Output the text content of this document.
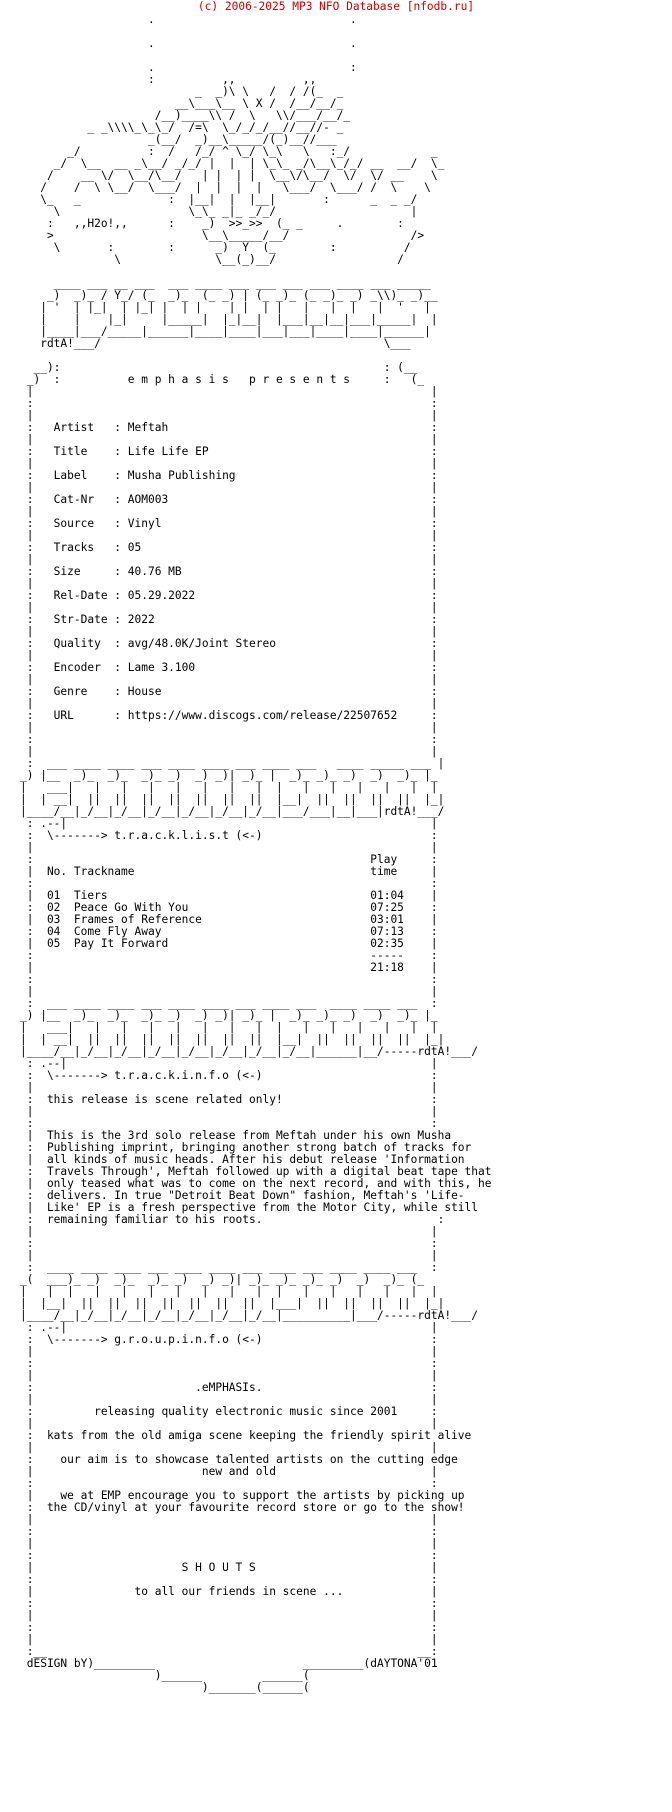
(c) 2006-2025 MP3 NFO Database [nfodb.ru]
.                             .

.                             .

.                             :
:          ,,          ,,
_  _)\ \   /  / /(_  _
__\___\__ \ X /  /__/__/_
/__)____\\ /  \   \\/___/__/_
_ _\\\\_\_\_/  /=\  \_/_/_/__//__//- _
_(__/  _)__\_____/(_)__//___
_/          :  /   /_/ ^ \_/ \_\   \   :_/            _
_/  \__  __ _\__/ _/_/ |  |  | \_\_ _/\__\_/_/ __  __/  \_
/    __ \/  \__/\__/   | |  | |  \__\/\__/  \/  \/ __    \
/    /  \ \__/  \___/  |  |  |  |   \___/  \___/ /  \    \
\_   _             :  |__|  |  |__|       :      _  _ _/
\                   \_\_ _|_ _/_/                    |
:   ,,H2o!,,      :    _)  >>_>>  (_ _     .        :
>                      \__\_____/__/                  />
\       :        :      _)  Y  (_        :          /
\              \__(_)__/                  /

____ ___ __ ___  ___ ____ ___ ___ ___ ___ ____ ___ _____
_)  _)_ / Y_/ (_  _)_  (_ _) | (_ _)_ (_ _)_ _) _\\)_ _)__
| '  | |_|  | |_| |  | |    | |  | |   |   |  |   |  '   |
|    |    |_|     |_____|  |_|__|  |___|__|__|___|_____|  |
|____|___/_____|______|____|____|___|___|____|____|______|
rdtA!___/                                          \___

__):                                                : (__
_)  :          e m p h a s i s   p r e s e n t s     :   (_
|                                                           |
:                                                           :
|                                                           |
:   Artist   : Meftah                                       :
|                                                           |
:   Title    : Life Life EP                                 :
|                                                           |
:   Label    : Musha Publishing                             :
|                                                           |
:   Cat-Nr   : AOM003                                       :
|                                                           |
:   Source   : Vinyl                                        :
|                                                           |
:   Tracks   : 05                                           :
|                                                           |
:   Size     : 40.76 MB                                     :
|                                                           |
:   Rel-Date : 05.29.2022                                   :
|                                                           |
:   Str-Date : 2022                                         :
|                                                           |
:   Quality  : avg/48.0K/Joint Stereo                       :
|                                                           |
:   Encoder  : Lame 3.100                                   :
|                                                           |
:   Genre    : House                                        :
|                                                           |
:   URL      : https://www.discogs.com/release/22507652     :
|                                                           |
:                                                           :
|                                                           |
:  ___ ____ ____ ___ ____ ____ ___ ____ ___   ____ _____ ___ |
_) |__  _)_  _)_  _)_ _)  _) _)| _)_ |  _)_ _)_ _)  _)  _)_ |_
|   ___|   |   |   |   |   |   |   |  |   |   |   |   |   |  |
|  | __|  ||  ||  ||  ||  ||  ||  ||  |__|  ||  ||  ||  ||  |_|
|____/__|_/__|_/__|_/__|_/__|_/__|_/__|___/___|__|___|rdtA!___/
: .--|                                                      |
:  \-------> t.r.a.c.k.l.i.s.t (<-)                         :
|                                                           |
:                                                  Play     :
|  No. Trackname                                   time     |
:                                                           :
|  01  Tiers                                       01:04    |
:  02  Peace Go With You                           07:25    :
|  03  Frames of Reference                         03:01    |
:  04  Come Fly Away                               07:13    :
|  05  Pay It Forward                              02:35    |
:                                                  -----    :
|                                                  21:18    |
:                                                           :
|                                                           |
:  ___ ____ ____ ___ ____ ____ ___ ____ ___  ____ ____ ___  :
_) |__  _)_  _)_  _)_ _)  _) _)| _)_ |  _)_ _)_ _)  _)  _)_ |_
|   ___|   |   |   |   |   |   |   |  |   |   |   |   |   |  |
|  | __|  ||  ||  ||  ||  ||  ||  ||  |__|  ||  ||  ||  ||  |_|
|____/__|_/__|_/__|_/__|_/__|_/__|_/__|_/__|______|__/-----rdtA!___/
: .--|                                                      |
:  \-------> t.r.a.c.k.i.n.f.o (<-)                         :
|                                                           |
:  this release is scene related only!                      :
|                                                           |
:                                                           :
|  This is the 3rd solo release from Meftah under his own Musha
:  Publishing imprint, bringing another strong batch of tracks for
|  all kinds of music heads. After his debut release 'Information
:  Travels Through', Meftah followed up with a digital beat tape that
|  only teased what was to come on the next record, and with this, he
:  delivers. In true "Detroit Beat Down" fashion, Meftah's 'Life-
|  Like' EP is a fresh perspective from the Motor City, while still
:  remaining familiar to his roots.                          :
|                                                           |
:                                                           :
|                                                           |
:  ____ ____ ____ ___ ____ ____ ___ ____ ___ ____ ____ ___  :
_(  ___)_ _)  _)_  _)_ _)  _) _)| _)_ _)_ _)_ _)  _)  _)_ (_
|   |  |   |   |   |   |   |   |   |  |   |   |   |   |   |  |
|  |__|  ||  ||  ||  ||  ||  ||  ||  |___|  ||  ||  ||  ||  |_|
|____/__|_/__|_/__|_/__|_/__|_/__|_/__|__________|___/-----rdtA!___/
: .--|                                                      |
:  \-------> g.r.o.u.p.i.n.f.o (<-)                         :
|                                                           |
:                                                           :
|                                                           |
:                        .eMPHASIs.                         :
|                                                           |
:         releasing quality electronic music since 2001     :
|                                                           |
:  kats from the old amiga scene keeping the friendly spirit alive
|                                                           |
:    our aim is to showcase talented artists on the cutting edge
|                         new and old                       |
:                                                           :
|    we at EMP encourage you to support the artists by picking up
:  the CD/vinyl at your favourite record store or go to the show!
|                                                           |
:                                                           :
|                                                           |
:                                                           :
|                      S H O U T S                          |
:                                                           :
|               to all our friends in scene ...             |
:                                                           :
|                                                           |
:                                                           :
|                                                           |
:__                                                       __:
dESIGN bY)_________                      _________(dAYTONA'01
)______         ______(
)_______(______(
